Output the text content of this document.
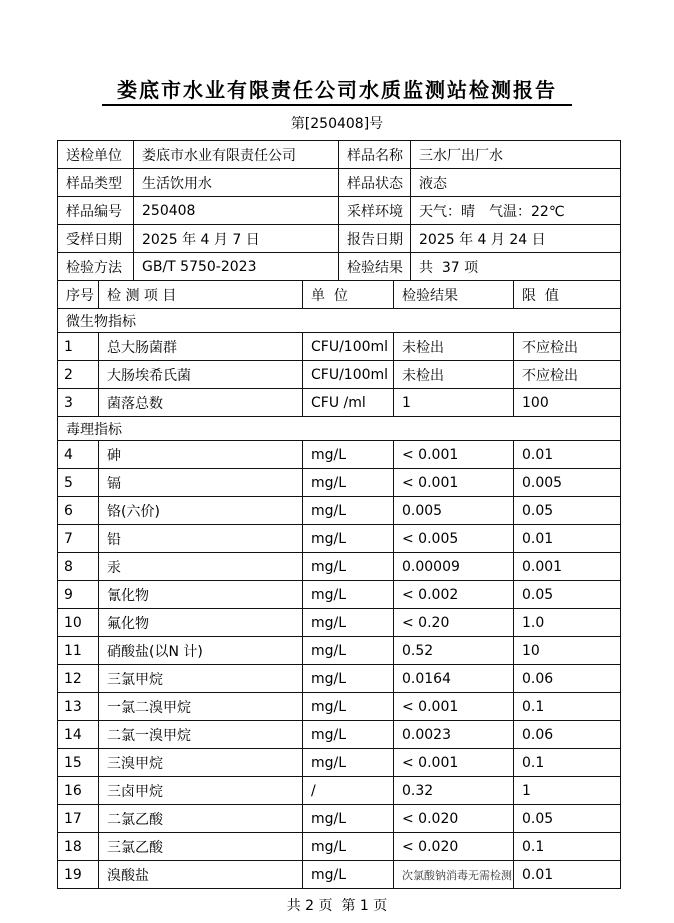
娄底市水业有限责任公司水质监测站检测报告
第[250408]号
送检单位	娄底市水业有限责任公司	样品名称	三水厂出厂水
样品类型	生活饮用水	样品状态	液态
样品编号	250408	采样环境	天气：晴　气温：22℃
受样日期	2025 年 4 月 7 日	报告日期	2025 年 4 月 24 日
检验方法	GB/T 5750-2023	检验结果	共  37 项
序号	检 测 项 目	单  位	检验结果	限  值
微生物指标				
1	总大肠菌群	CFU/100ml	未检出	不应检出
2	大肠埃希氏菌	CFU/100ml	未检出	不应检出
3	菌落总数	CFU /ml	1	100
毒理指标				
4	砷	mg/L	< 0.001	0.01
5	镉	mg/L	< 0.001	0.005
6	铬(六价)	mg/L	0.005	0.05
7	铅	mg/L	< 0.005	0.01
8	汞	mg/L	0.00009	0.001
9	氰化物	mg/L	< 0.002	0.05
10	氟化物	mg/L	< 0.20	1.0
11	硝酸盐(以N 计)	mg/L	0.52	10
12	三氯甲烷	mg/L	0.0164	0.06
13	一氯二溴甲烷	mg/L	< 0.001	0.1
14	二氯一溴甲烷	mg/L	0.0023	0.06
15	三溴甲烷	mg/L	< 0.001	0.1
16	三卤甲烷	/	0.32	1
17	二氯乙酸	mg/L	< 0.020	0.05
18	三氯乙酸	mg/L	< 0.020	0.1
19	溴酸盐	mg/L	次氯酸钠消毒无需检测	0.01
共 2 页  第 1 页
